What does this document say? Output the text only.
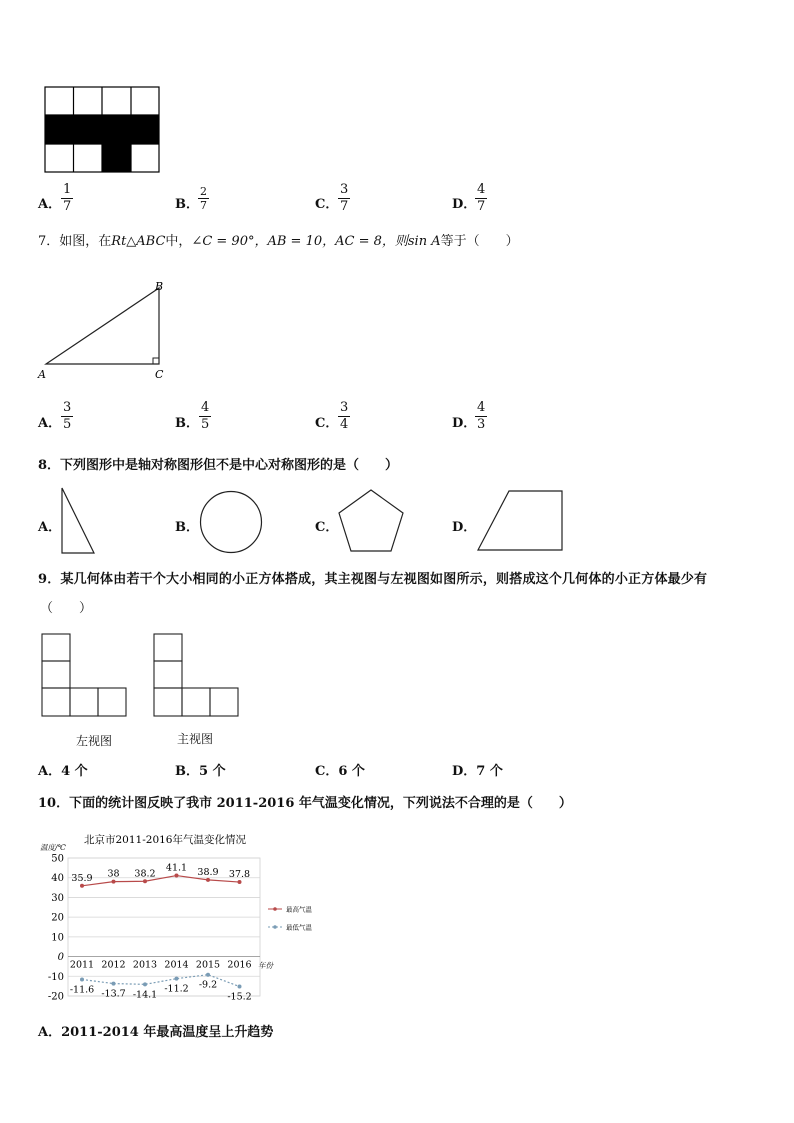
A． $\frac{1}{7}$	B． $\frac{2}{7}$	C． $\frac{3}{7}$	D．
$\frac{4}{7}$
7．如图，在Rt△ABC中，∠C = 90°，AB = 10，AC = 8，则sin A等于（　　）
A
B
C
A． $\frac{3}{5}$	B． $\frac{4}{5}$	C． $\frac{3}{4}$	D．
$\frac{4}{3}$
8．下列图形中是轴对称图形但不是中心对称图形的是（　　）
A．	B．	C．	D．
9．某几何体由若干个大小相同的小正方体搭成，其主视图与左视图如图所示，则搭成这个几何体的小正方体最少有
（　　）
左视图	主视图
A．4 个	B．5 个	C．6 个	D．7 个
10．下面的统计图反映了我市 2011-2016 年气温变化情况，下列说法不合理的是（　　）
北京市2011-2016年气温变化情况
温度/℃
年份
50
40
30
20
10
0
-10
-20
2011 2012 2013 2014 2015 2016
35.9 38 38.2
41.1 38.9 37.8
-11.6 -13.7 -14.1
-11.2 -9.2
-15.2
最高气温
最低气温
A．2011-2014 年最高温度呈上升趋势
